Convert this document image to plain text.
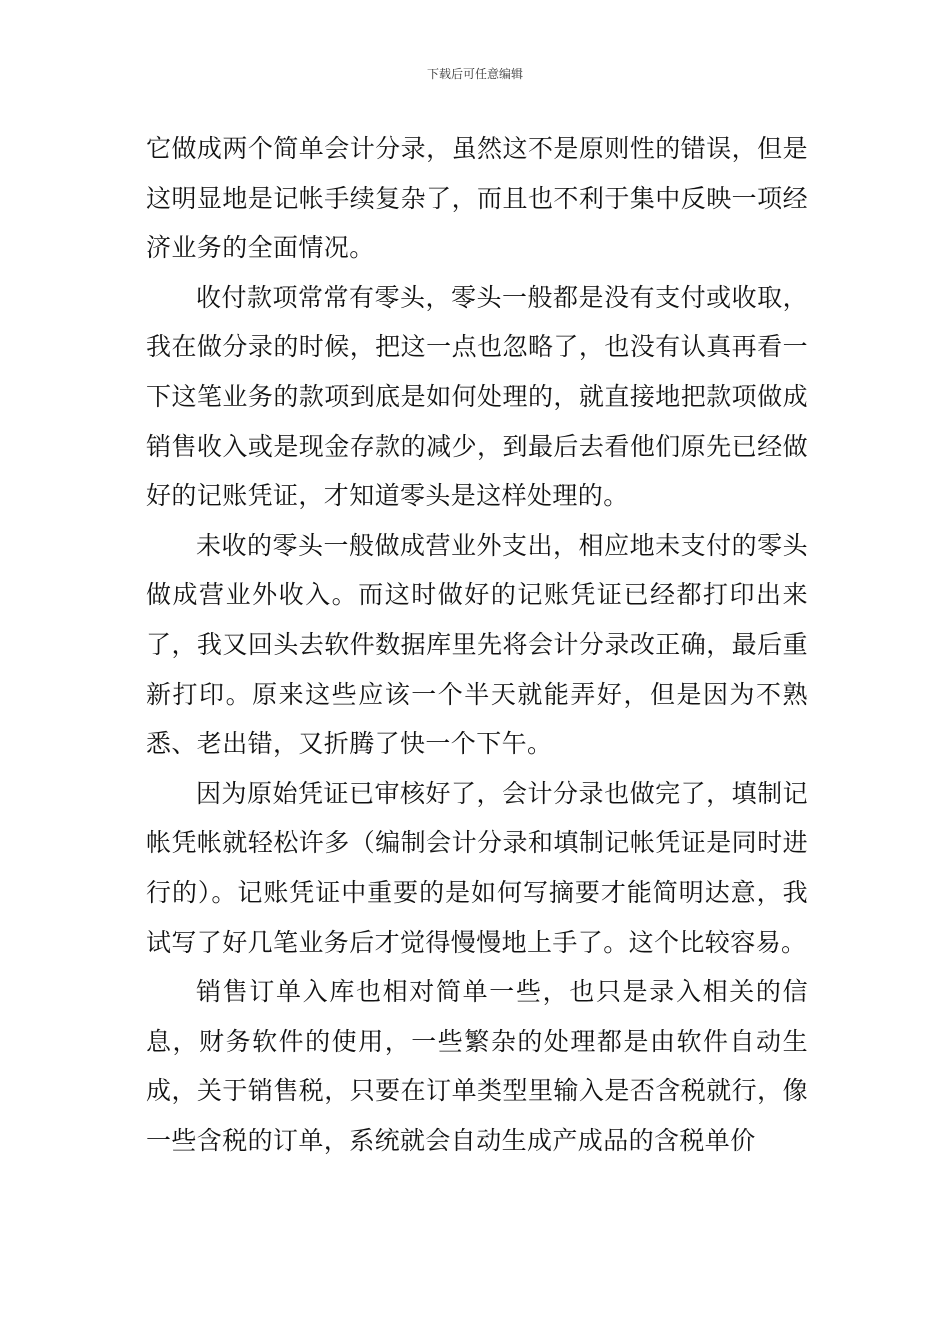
下载后可任意编辑

它做成两个简单会计分录，虽然这不是原则性的错误，但是这明显地是记帐手续复杂了，而且也不利于集中反映一项经济业务的全面情况。

收付款项常常有零头，零头一般都是没有支付或收取，我在做分录的时候，把这一点也忽略了，也没有认真再看一下这笔业务的款项到底是如何处理的，就直接地把款项做成销售收入或是现金存款的减少，到最后去看他们原先已经做好的记账凭证，才知道零头是这样处理的。

未收的零头一般做成营业外支出，相应地未支付的零头做成营业外收入。而这时做好的记账凭证已经都打印出来了，我又回头去软件数据库里先将会计分录改正确，最后重新打印。原来这些应该一个半天就能弄好，但是因为不熟悉、老出错，又折腾了快一个下午。

因为原始凭证已审核好了，会计分录也做完了，填制记帐凭帐就轻松许多（编制会计分录和填制记帐凭证是同时进行的）。记账凭证中重要的是如何写摘要才能简明达意，我试写了好几笔业务后才觉得慢慢地上手了。这个比较容易。

销售订单入库也相对简单一些，也只是录入相关的信息，财务软件的使用，一些繁杂的处理都是由软件自动生成，关于销售税，只要在订单类型里输入是否含税就行，像一些含税的订单，系统就会自动生成产成品的含税单价
